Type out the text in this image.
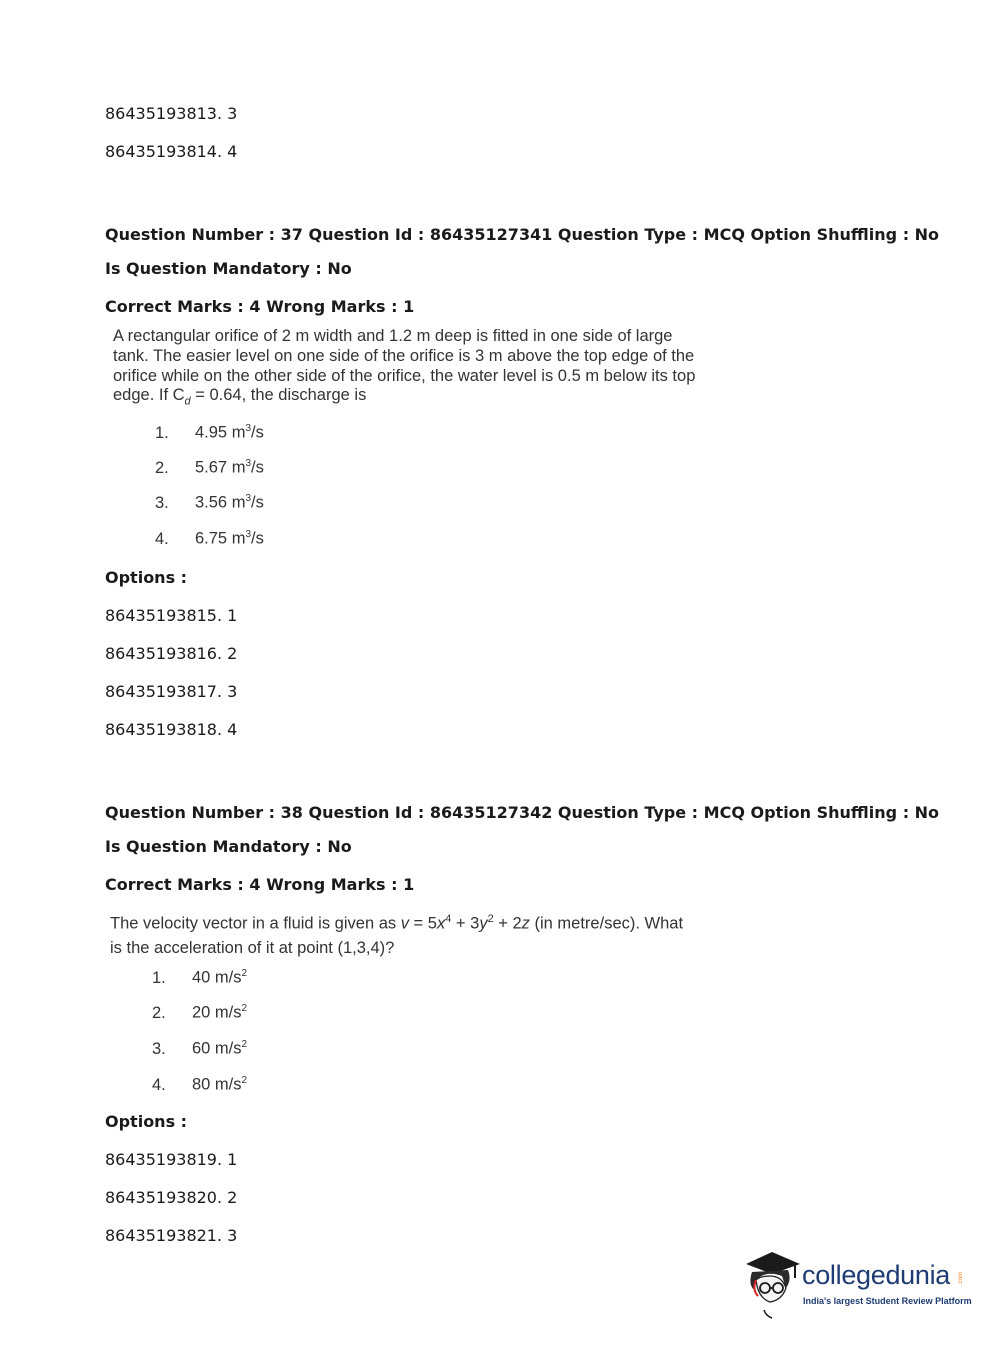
86435193813. 3
86435193814. 4
Question Number : 37 Question Id : 86435127341 Question Type : MCQ Option Shuffling : No
Is Question Mandatory : No
Correct Marks : 4 Wrong Marks : 1
A rectangular orifice of 2 m width and 1.2 m deep is fitted in one side of large
tank. The easier level on one side of the orifice is 3 m above the top edge of the
orifice while on the other side of the orifice, the water level is 0.5 m below its top
edge. If $C_d = 0.64$, the discharge is
1. 4.95 $m^3/s$
2. 5.67 $m^3/s$
3. 3.56 $m^3/s$
4. 6.75 $m^3/s$
Options :
86435193815. 1
86435193816. 2
86435193817. 3
86435193818. 4
Question Number : 38 Question Id : 86435127342 Question Type : MCQ Option Shuffling : No
Is Question Mandatory : No
Correct Marks : 4 Wrong Marks : 1
The velocity vector in a fluid is given as $v = 5x^4 + 3y^2 + 2z$ (in metre/sec). What
is the acceleration of it at point (1,3,4)?
1. 40 $m/s^2$
2. 20 $m/s^2$
3. 60 $m/s^2$
4. 80 $m/s^2$
Options :
86435193819. 1
86435193820. 2
86435193821. 3
collegedunia .com
India's largest Student Review Platform
